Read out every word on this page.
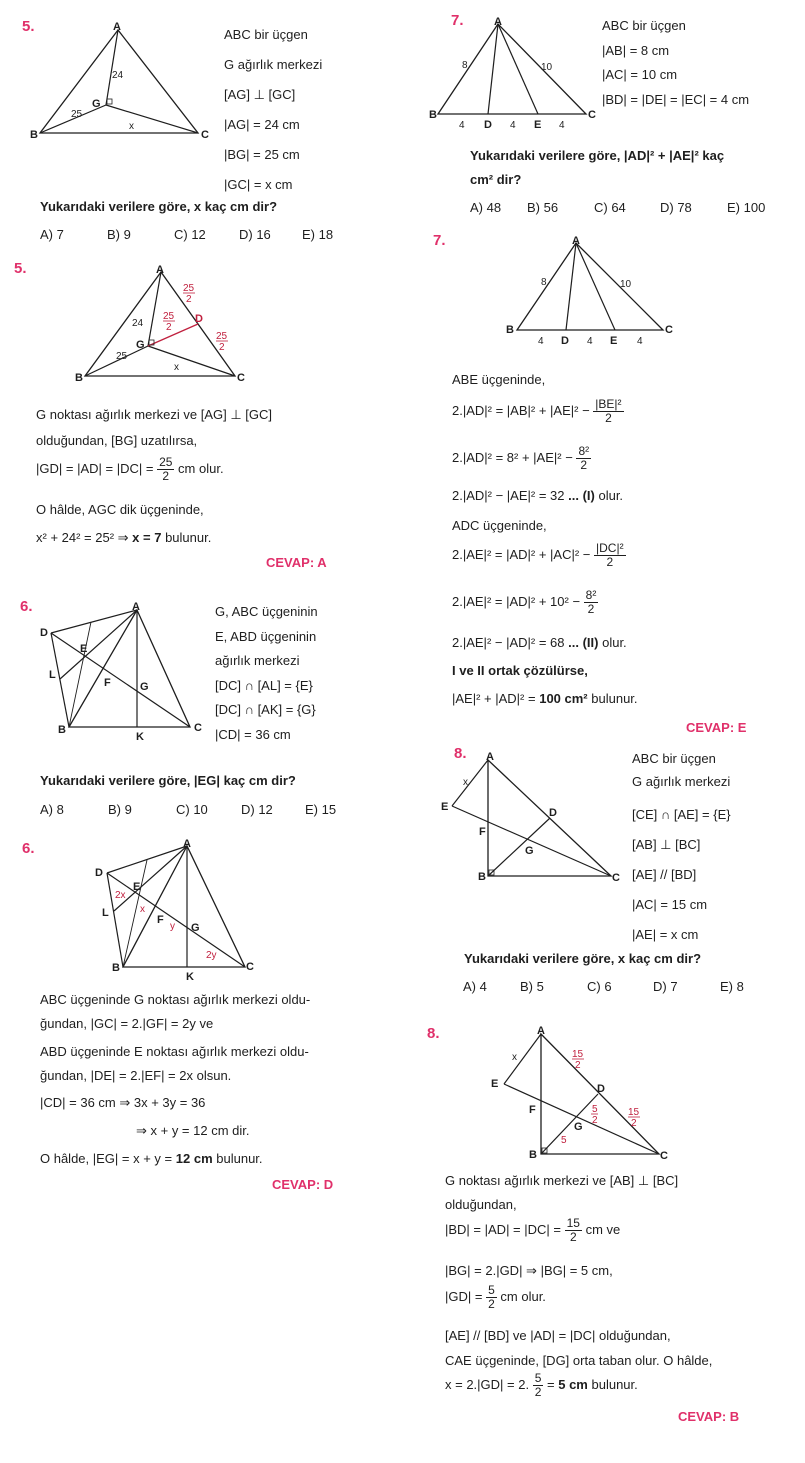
5.	A
B	C
G
24
25
x
ABC bir üçgen
G ağırlık merkezi
[AG] ⊥ [GC]
|AG| = 24 cm
|BG| = 25 cm
|GC| = x cm
Yukarıdaki verilere göre, x kaç cm dir?
A) 7	B) 9	C) 12	D) 16	E) 18
5.	A
B	C
G
D
24
25
x
25
2
25
2
25
2
G noktası ağırlık merkezi ve [AG] ⊥ [GC]
olduğundan, [BG] uzatılırsa,
$|GD| = |AD| = |DC| = \frac{25}{2}$ cm olur.
O hâlde, AGC dik üçgeninde,
x² + 24² = 25² ⇒ x = 7 bulunur.
CEVAP: A
6.	A
D
B	C
E
F	G
K
L
G, ABC üçgeninin
E, ABD üçgeninin
ağırlık merkezi
[DC] ∩ [AL] = {E}
[DC] ∩ [AK] = {G}
|CD| = 36 cm
Yukarıdaki verilere göre, |EG| kaç cm dir?
A) 8	B) 9	C) 10	D) 12	E) 15
6.	A
D
B	C
E
F
G
K
L
2x
x
y
2y
ABC üçgeninde G noktası ağırlık merkezi oldu-
ğundan, |GC| = 2.|GF| = 2y ve
ABD üçgeninde E noktası ağırlık merkezi oldu-
ğundan, |DE| = 2.|EF| = 2x olsun.
|CD| = 36 cm ⇒ 3x + 3y = 36
⇒ x + y = 12 cm dir.
O hâlde, |EG| = x + y = 12 cm bulunur.
CEVAP: D
7.	A
B	C
D	E
8	10
4	4	4
ABC bir üçgen
|AB| = 8 cm
|AC| = 10 cm
|BD| = |DE| = |EC| = 4 cm
Yukarıdaki verilere göre, |AD|² + |AE|² kaç
cm² dir?
A) 48	B) 56	C) 64	D) 78	E) 100
7.	A
B	C
D	E
8	10
4	4	4
ABE üçgeninde,
$2.|AD|^2 = |AB|^2 + |AE|^2 - \frac{\text{|BE|²}}{2}$
$2.|AD|^2 = 8^2 + |AE|^2 - \frac{\text{8²}}{2}$
2.|AD|² − |AE|² = 32 ... (I) olur.
ADC üçgeninde,
$2.|AE|^2 = |AD|^2 + |AC|^2 - \frac{\text{|DC|²}}{2}$
$2.|AE|^2 = |AD|^2 + 10^2 - \frac{\text{8²}}{2}$
2.|AE|² − |AD|² = 68 ... (II) olur.
I ve II ortak çözülürse,
|AE|² + |AD|² = 100 cm² bulunur.
CEVAP: E
8. A
E
B	C
D
F
G
x
ABC bir üçgen
G ağırlık merkezi
[CE] ∩ [AE] = {E}
[AB] ⊥ [BC]
[AE] // [BD]
|AC| = 15 cm
|AE| = x cm
Yukarıdaki verilere göre, x kaç cm dir?
A) 4	B) 5	C) 6	D) 7	E) 8
8.	A
E
B	C
D
F
G
x	15
2
5
2
15
2
5
G noktası ağırlık merkezi ve [AB] ⊥ [BC]
olduğundan,
$|BD| = |AD| = |DC| = \frac{15}{2}$ cm ve
|BG| = 2.|GD| ⇒ |BG| = 5 cm,
$|GD| = \frac{5}{2}$ cm olur.
[AE] // [BD] ve |AD| = |DC| olduğundan,
CAE üçgeninde, [DG] orta taban olur. O hâlde,
x = 2.|GD| = 2. $\frac{5}{2} = 5$ cm bulunur.
CEVAP: B
